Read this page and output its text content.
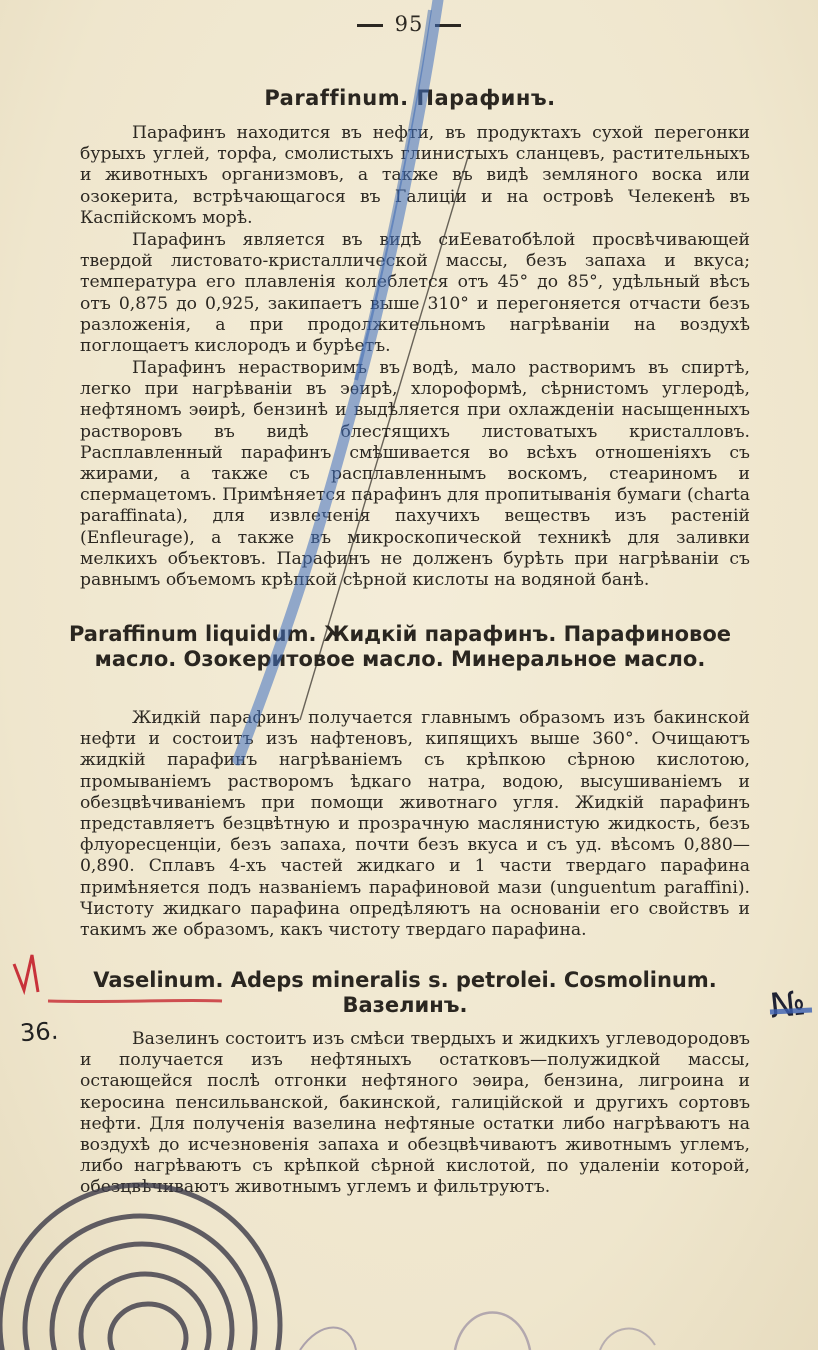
95
Paraffinum. Парафинъ.

Парафинъ находится въ нефти, въ продуктахъ сухой перегонки бурыхъ углей, торфа, смолистыхъ глинистыхъ сланцевъ, растительныхъ и животныхъ организмовъ, а также въ видѣ земляного воска или озокерита, встрѣчающагося въ Галиціи и на островѣ Челекенѣ въ Каспійскомъ морѣ.

Парафинъ является въ видѣ сиЕеватобѣлой просвѣчивающей твердой листовато-кристаллической массы, безъ запаха и вкуса; температура его плавленія колеблется отъ 45° до 85°, удѣльный вѣсъ отъ 0,875 до 0,925, закипаетъ выше 310° и перегоняется отчасти безъ разложенія, а при продолжительномъ нагрѣваніи на воздухѣ поглощаетъ кислородъ и бурѣетъ.

Парафинъ нерастворимъ въ водѣ, мало растворимъ въ спиртѣ, легко при нагрѣваніи въ эѳирѣ, хлороформѣ, сѣрнистомъ углеродѣ, нефтяномъ эѳирѣ, бензинѣ и выдѣляется при охлажденіи насыщенныхъ растворовъ въ видѣ блестящихъ листоватыхъ кристалловъ. Расплавленный парафинъ смѣшивается во всѣхъ отношеніяхъ съ жирами, а также съ расплавленнымъ воскомъ, стеариномъ и спермацетомъ. Примѣняется парафинъ для пропитыванія бумаги (charta paraffinata), для извлеченія пахучихъ веществъ изъ растеній (Enfleurage), а также въ микроскопической техникѣ для заливки мелкихъ объектовъ. Парафинъ не долженъ бурѣть при нагрѣваніи съ равнымъ объемомъ крѣпкой сѣрной кислоты на водяной банѣ.

Paraffinum liquidum. Жидкій парафинъ. Парафиновое масло. Озокеритовое масло. Минеральное масло.

Жидкій парафинъ получается главнымъ образомъ изъ бакинской нефти и состоитъ изъ нафтеновъ, кипящихъ выше 360°. Очищаютъ жидкій парафинъ нагрѣваніемъ съ крѣпкою сѣрною кислотою, промываніемъ растворомъ ѣдкаго натра, водою, высушиваніемъ и обезцвѣчиваніемъ при помощи животнаго угля. Жидкій парафинъ представляетъ безцвѣтную и прозрачную маслянистую жидкость, безъ флуоресценціи, безъ запаха, почти безъ вкуса и съ уд. вѣсомъ 0,880—0,890. Сплавъ 4-хъ частей жидкаго и 1 части твердаго парафина примѣняется подъ названіемъ парафиновой мази (unguentum paraffini). Чистоту жидкаго парафина опредѣляютъ на основаніи его свойствъ и такимъ же образомъ, какъ чистоту твердаго парафина.

Vaselinum. Adeps mineralis s. petrolei. Cosmolinum. Вазелинъ.

Вазелинъ состоитъ изъ смѣси твердыхъ и жидкихъ углеводородовъ и получается изъ нефтяныхъ остатковъ—полужидкой массы, остающейся послѣ отгонки нефтяного эѳира, бензина, лигроина и керосина пенсильванской, бакинской, галиційской и другихъ сортовъ нефти. Для полученія вазелина нефтяные остатки либо нагрѣваютъ на воздухѣ до исчезновенія запаха и обезцвѣчиваютъ животнымъ углемъ, либо нагрѣваютъ съ крѣпкой сѣрной кислотой, по удаленіи которой, обезцвѣчиваютъ животнымъ углемъ и фильтруютъ.

36.
№
